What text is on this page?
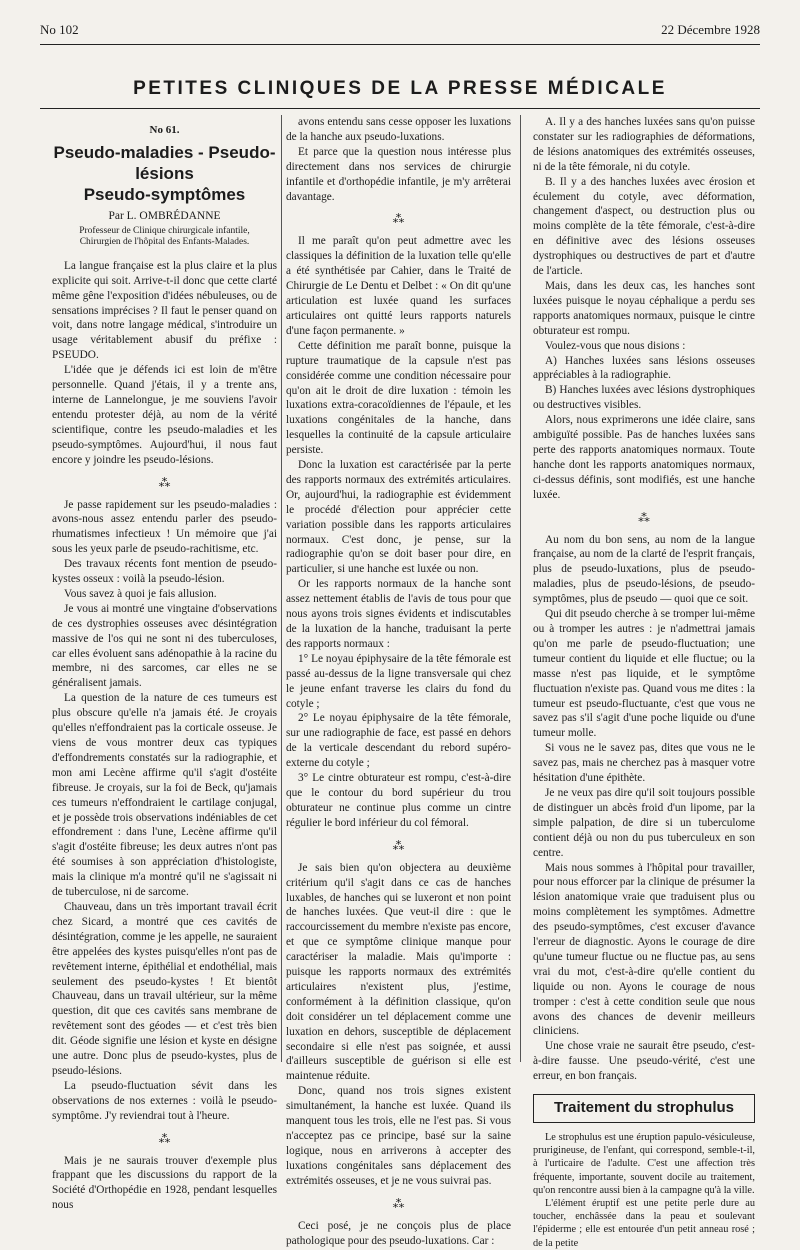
No 102	22 Décembre 1928
PETITES CLINIQUES DE LA PRESSE MÉDICALE
No 61.
Pseudo-maladies - Pseudo-lésions
Pseudo-symptômes
Par L. OMBRÉDANNE
Professeur de Clinique chirurgicale infantile,
Chirurgien de l'hôpital des Enfants-Malades.

La langue française est la plus claire et la plus explicite qui soit. Arrive-t-il donc que cette clarté même gêne l'exposition d'idées nébuleuses, ou de sensations imprécises ? Il faut le penser quand on voit, dans notre langage médical, s'introduire un usage véritablement abusif du préfixe : PSEUDO.

L'idée que je défends ici est loin de m'être personnelle. Quand j'étais, il y a trente ans, interne de Lannelongue, je me souviens l'avoir entendu protester déjà, au nom de la vérité scientifique, contre les pseudo-maladies et les pseudo-symptômes. Aujourd'hui, il nous faut encore y joindre les pseudo-lésions.

⁂

Je passe rapidement sur les pseudo-maladies : avons-nous assez entendu parler des pseudo-rhumatismes infectieux ! Un mémoire que j'ai sous les yeux parle de pseudo-rachitisme, etc.

Des travaux récents font mention de pseudo-kystes osseux : voilà la pseudo-lésion.

Vous savez à quoi je fais allusion.

Je vous ai montré une vingtaine d'observations de ces dystrophies osseuses avec désintégration massive de l'os qui ne sont ni des tuberculoses, car elles évoluent sans adénopathie à la racine du membre, ni des sarcomes, car elles ne se généralisent jamais.

La question de la nature de ces tumeurs est plus obscure qu'elle n'a jamais été. Je croyais qu'elles n'effondraient pas la corticale osseuse. Je viens de vous montrer deux cas typiques d'effondrements constatés sur la radiographie, et mon ami Lecène affirme qu'il s'agit d'ostéite fibreuse. Je croyais, sur la foi de Beck, qu'jamais ces tumeurs n'effondraient le cartilage conjugal, et je possède trois observations indéniables de cet effondrement : dans l'une, Lecène affirme qu'il s'agit d'ostéite fibreuse; les deux autres n'ont pas été soumises à son appréciation d'histologiste, mais la clinique m'a montré qu'il ne s'agissait ni de tuberculose, ni de sarcome.

Chauveau, dans un très important travail écrit chez Sicard, a montré que ces cavités de désintégration, comme je les appelle, ne sauraient être appelées des kystes puisqu'elles n'ont pas de revêtement interne, épithélial et endothélial, mais seulement des pseudo-kystes ! Et bientôt Chauveau, dans un travail ultérieur, sur la même question, dit que ces cavités sans membrane de revêtement sont des géodes — et c'est très bien dit. Géode signifie une lésion et kyste en désigne une autre. Donc plus de pseudo-kystes, plus de pseudo-lésions.

La pseudo-fluctuation sévit dans les observations de nos externes : voilà le pseudo-symptôme. J'y reviendrai tout à l'heure.

⁂

Mais je ne saurais trouver d'exemple plus frappant que les discussions du rapport de la Société d'Orthopédie en 1928, pendant lesquelles nous

avons entendu sans cesse opposer les luxations de la hanche aux pseudo-luxations.

Et parce que la question nous intéresse plus directement dans nos services de chirurgie infantile et d'orthopédie infantile, je m'y arrêterai davantage.

⁂

Il me paraît qu'on peut admettre avec les classiques la définition de la luxation telle qu'elle a été synthétisée par Cahier, dans le Traité de Chirurgie de Le Dentu et Delbet : « On dit qu'une articulation est luxée quand les surfaces articulaires ont quitté leurs rapports naturels d'une façon permanente. »

Cette définition me paraît bonne, puisque la rupture traumatique de la capsule n'est pas considérée comme une condition nécessaire pour qu'on ait le droit de dire luxation : témoin les luxations extra-coracoïdiennes de l'épaule, et les luxations congénitales de la hanche, dans lesquelles la continuité de la capsule articulaire persiste.

Donc la luxation est caractérisée par la perte des rapports normaux des extrémités articulaires. Or, aujourd'hui, la radiographie est évidemment le procédé d'élection pour apprécier cette variation possible dans les rapports articulaires normaux. C'est donc, je pense, sur la radiographie qu'on se doit baser pour dire, en particulier, si une hanche est luxée ou non.

Or les rapports normaux de la hanche sont assez nettement établis de l'avis de tous pour que nous ayons trois signes évidents et indiscutables de la luxation de la hanche, traduisant la perte des rapports normaux :

1° Le noyau épiphysaire de la tête fémorale est passé au-dessus de la ligne transversale qui chez le jeune enfant traverse les clairs du fond du cotyle ;

2° Le noyau épiphysaire de la tête fémorale, sur une radiographie de face, est passé en dehors de la verticale descendant du rebord supéro-externe du cotyle ;

3° Le cintre obturateur est rompu, c'est-à-dire que le contour du bord supérieur du trou obturateur ne continue plus comme un cintre régulier le bord inférieur du col fémoral.

⁂

Je sais bien qu'on objectera au deuxième critérium qu'il s'agit dans ce cas de hanches luxables, de hanches qui se luxeront et non point de hanches luxées. Que veut-il dire : que le raccourcissement du membre n'existe pas encore, et que ce symptôme clinique manque pour caractériser la maladie. Mais qu'importe : puisque les rapports normaux des extrémités articulaires n'existent plus, j'estime, conformément à la définition classique, qu'on doit considérer un tel déplacement comme une luxation en dehors, susceptible de déplacement secondaire si elle n'est pas soignée, et aussi d'ailleurs susceptible de guérison si elle est maintenue réduite.

Donc, quand nos trois signes existent simultanément, la hanche est luxée. Quand ils manquent tous les trois, elle ne l'est pas. Si vous n'acceptez pas ce principe, basé sur la saine logique, nous en arriverons à accepter des luxations congénitales sans déplacement des extrémités osseuses, et je ne vous suivrai pas.

⁂

Ceci posé, je ne conçois plus de place pathologique pour des pseudo-luxations. Car :

A. Il y a des hanches luxées sans qu'on puisse constater sur les radiographies de déformations, de lésions anatomiques des extrémités osseuses, ni de la tête fémorale, ni du cotyle.

B. Il y a des hanches luxées avec érosion et éculement du cotyle, avec déformation, changement d'aspect, ou destruction plus ou moins complète de la tête fémorale, c'est-à-dire en définitive avec des lésions osseuses dystrophiques ou destructives de part et d'autre de l'article.

Mais, dans les deux cas, les hanches sont luxées puisque le noyau céphalique a perdu ses rapports anatomiques normaux, puisque le cintre obturateur est rompu.

Voulez-vous que nous disions :

A) Hanches luxées sans lésions osseuses appréciables à la radiographie.

B) Hanches luxées avec lésions dystrophiques ou destructives visibles.

Alors, nous exprimerons une idée claire, sans ambiguïté possible. Pas de hanches luxées sans perte des rapports anatomiques normaux. Toute hanche dont les rapports anatomiques normaux, ci-dessus définis, sont modifiés, est une hanche luxée.

⁂

Au nom du bon sens, au nom de la langue française, au nom de la clarté de l'esprit français, plus de pseudo-luxations, plus de pseudo-maladies, plus de pseudo-lésions, de pseudo-symptômes, plus de pseudo — quoi que ce soit.

Qui dit pseudo cherche à se tromper lui-même ou à tromper les autres : je n'admettrai jamais qu'on me parle de pseudo-fluctuation; une tumeur contient du liquide et elle fluctue; ou la masse n'est pas liquide, et le symptôme fluctuation n'existe pas. Quand vous me dites : la tumeur est pseudo-fluctuante, c'est que vous ne savez pas s'il s'agit d'une poche liquide ou d'une tumeur molle.

Si vous ne le savez pas, dites que vous ne le savez pas, mais ne cherchez pas à masquer votre hésitation d'une épithète.

Je ne veux pas dire qu'il soit toujours possible de distinguer un abcès froid d'un lipome, par la simple palpation, de dire si un tuberculome contient déjà ou non du pus tuberculeux en son centre.

Mais nous sommes à l'hôpital pour travailler, pour nous efforcer par la clinique de présumer la lésion anatomique vraie que traduisent plus ou moins complètement les symptômes. Admettre des pseudo-symptômes, c'est excuser d'avance l'erreur de diagnostic. Ayons le courage de dire qu'une tumeur fluctue ou ne fluctue pas, au sens vrai du mot, c'est-à-dire qu'elle contient du liquide ou non. Ayons le courage de nous tromper : c'est à cette condition seule que nous avons des chances de devenir meilleurs cliniciens.

Une chose vraie ne saurait être pseudo, c'est-à-dire fausse. Une pseudo-vérité, c'est une erreur, en bon français.

Traitement du strophulus

Le strophulus est une éruption papulo-vésiculeuse, prurigineuse, de l'enfant, qui correspond, semble-t-il, à l'urticaire de l'adulte. C'est une affection très fréquente, importante, souvent docile au traitement, qu'on rencontre aussi bien à la campagne qu'à la ville.

L'élément éruptif est une petite perle dure au toucher, enchâssée dans la peau et soulevant l'épiderme ; elle est entourée d'un petit anneau rosé ; de la petite
